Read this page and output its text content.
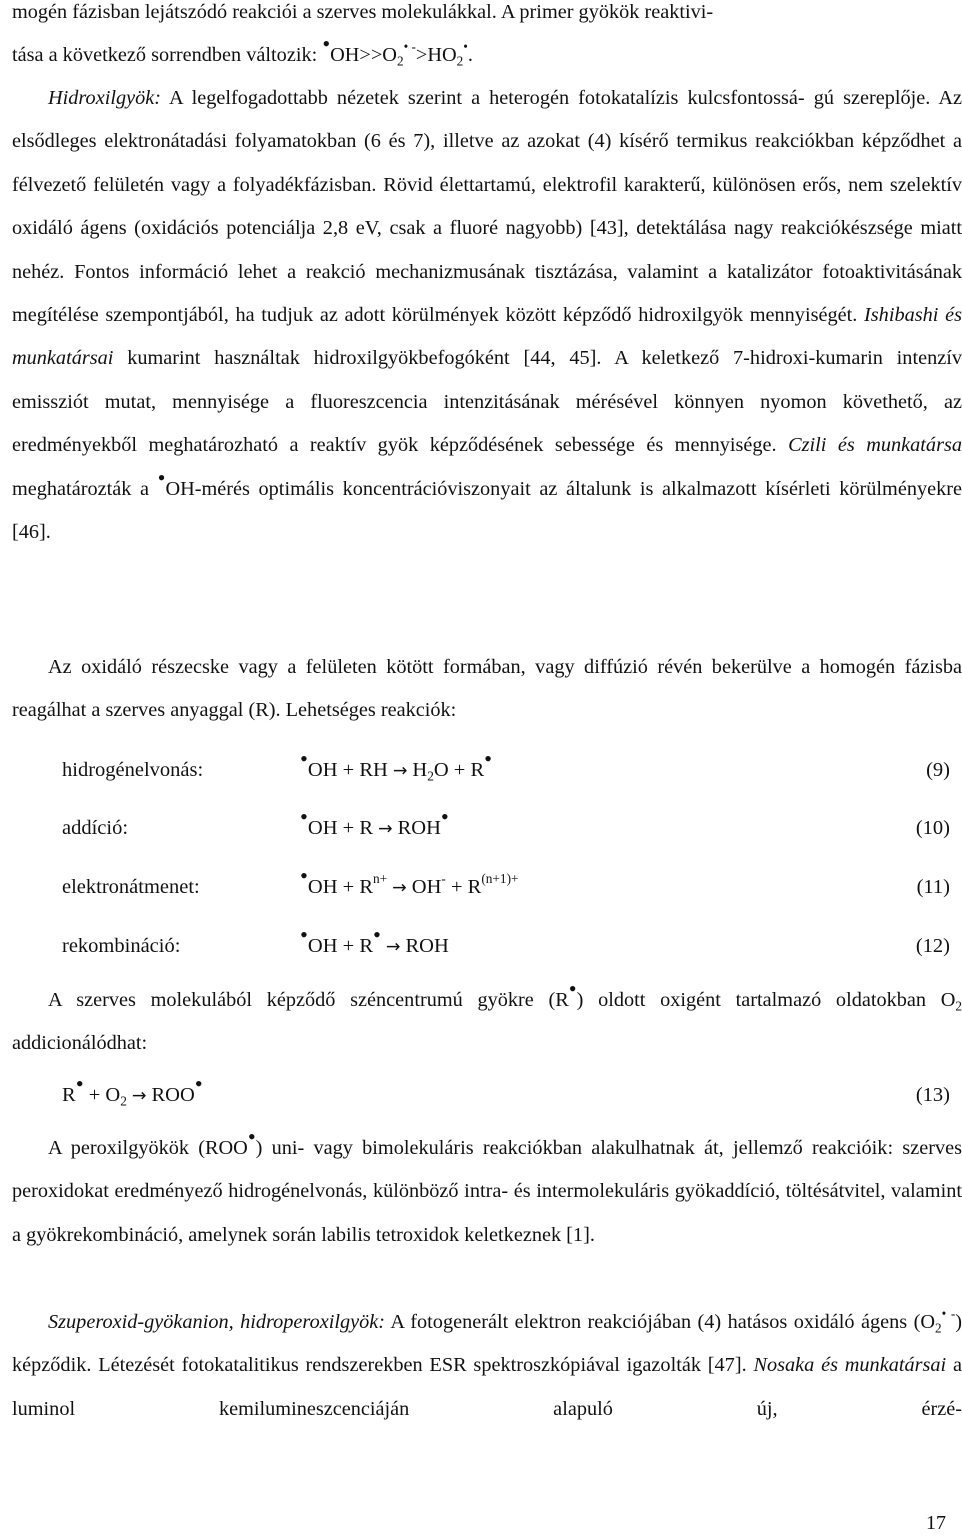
mogén fázisban lejátszódó reakciói a szerves molekulákkal. A primer gyökök reaktivi-
tása a következő sorrendben változik: $•OH>>O_2^{• -}>HO_2^•$.

Hidroxilgyök: A legelfogadottabb nézetek szerint a heterogén fotokatalízis kulcsfontossá- gú szereplője. Az elsődleges elektronátadási folyamatokban (6 és 7), illetve az azokat (4) kísérő termikus reakciókban képződhet a félvezető felületén vagy a folyadékfázisban. Rövid élettartamú, elektrofil karakterű, különösen erős, nem szelektív oxidáló ágens (oxidációs potenciálja 2,8 eV, csak a fluoré nagyobb) [43], detektálása nagy reakciókészsége miatt nehéz. Fontos információ lehet a reakció mechanizmusának tisztázása, valamint a katalizátor fotoaktivitásának megítélése szempontjából, ha tudjuk az adott körülmények között képződő hidroxilgyök mennyiségét. Ishibashi és munkatársai kumarint használtak hidroxilgyökbefogóként [44, 45]. A keletkező 7-hidroxi-kumarin intenzív emissziót mutat, mennyisége a fluoreszcencia intenzitásának mérésével könnyen nyomon követhető, az eredményekből meghatározható a reaktív gyök képződésének sebessége és mennyisége. Czili és munkatársa meghatározták a •OH-mérés optimális koncentrációviszonyait az általunk is alkalmazott kísérleti körülményekre [46].

Az oxidáló részecske vagy a felületen kötött formában, vagy diffúzió révén bekerülve a homogén fázisba reagálhat a szerves anyaggal (R). Lehetséges reakciók:

hidrogénelvonás:	•OH + RH → $H_2O$ + R•	(9)
addíció:	•OH + R → ROH•	(10)
elektronátmenet:	•OH + $R^{n+} \to OH^- + R^{(n+1)+}$	(11)
rekombináció:	•OH + R•→ ROH	(12)

A szerves molekulából képződő széncentrumú gyökre (R•) oldott oxigént tartalmazó oldatokban $O_2$ addicionálódhat:

R• + $O_2$ → ROO•	(13)

A peroxilgyökök (ROO•) uni- vagy bimolekuláris reakciókban alakulhatnak át, jellemző reakcióik: szerves peroxidokat eredményező hidrogénelvonás, különböző intra- és intermolekuláris gyökaddíció, töltésátvitel, valamint a gyökrekombináció, amelynek során labilis tetroxidok keletkeznek [1].

Szuperoxid-gyökanion, hidroperoxilgyök: A fotogenerált elektron reakciójában (4) hatásos oxidáló ágens $(O_2^{• -})$ képződik. Létezését fotokatalitikus rendszerekben ESR spektroszkópiával igazolták [47]. Nosaka és munkatársai a luminol kemilumineszcenciáján alapuló új, érzé-

17
